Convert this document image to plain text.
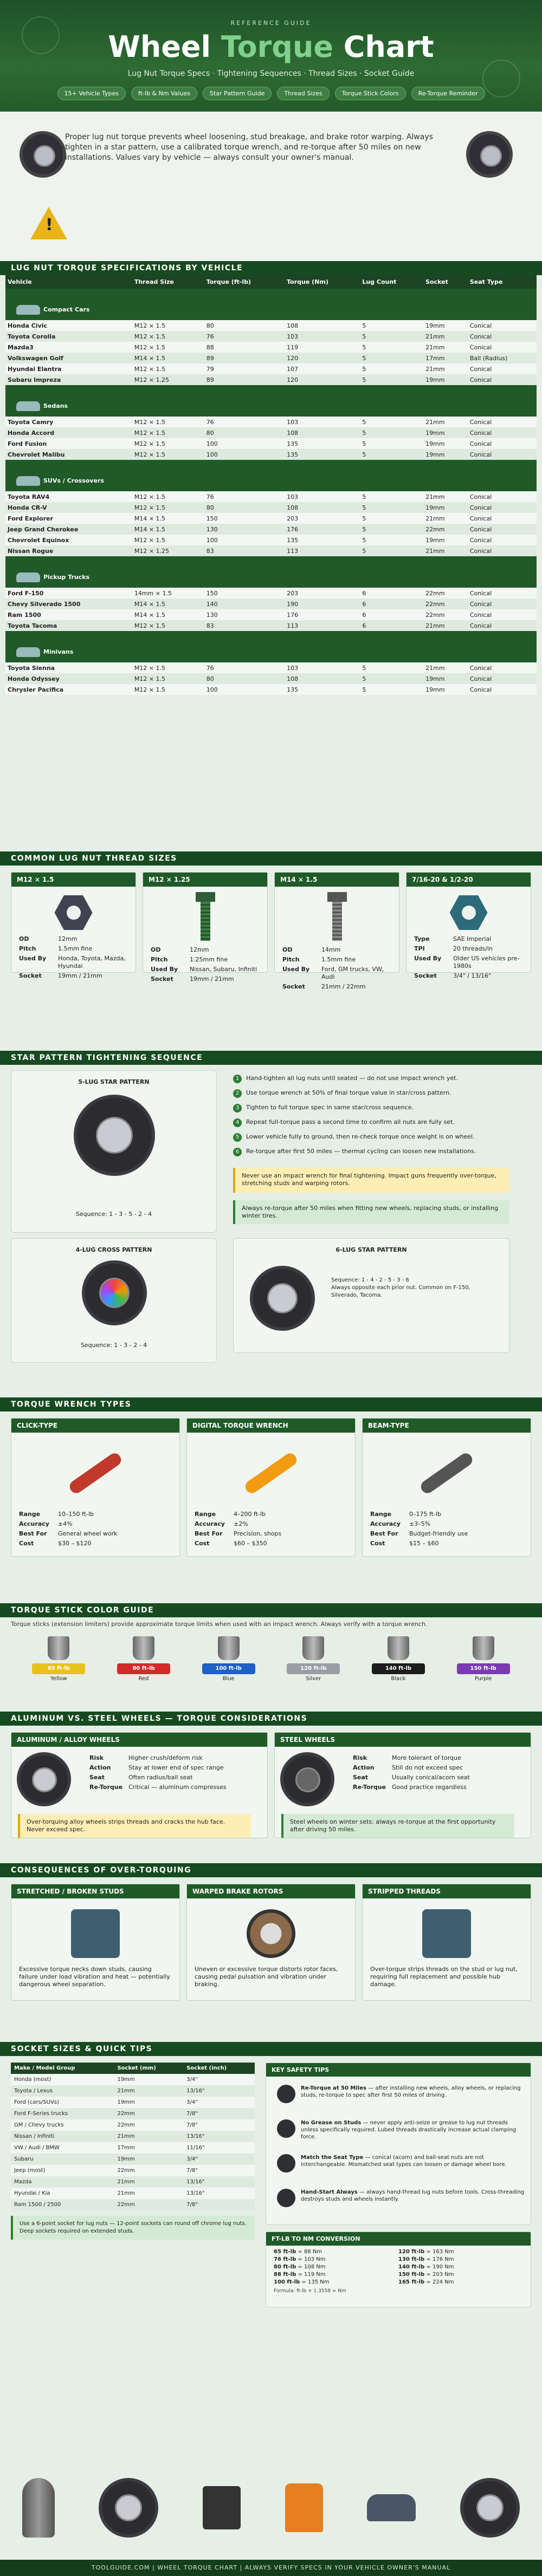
REFERENCE GUIDE
Wheel Torque Chart
Lug Nut Torque Specs · Tightening Sequences · Thread Sizes · Socket Guide
15+ Vehicle Types	ft-lb & Nm Values	Star Pattern Guide	Thread Sizes	Torque Stick Colors	Re-Torque Reminder
Proper lug nut torque prevents wheel loosening, stud breakage, and brake rotor warping. Always tighten in a star pattern, use a calibrated torque wrench, and re-torque after 50 miles on new installations. Values vary by vehicle — always consult your owner's manual.
!
LUG NUT TORQUE SPECIFICATIONS BY VEHICLE
Vehicle	Thread Size	Torque (ft-lb)	Torque (Nm)	Lug Count	Socket	Seat Type
Compact Cars						
Honda Civic	M12 × 1.5	80	108	5	19mm	Conical
Toyota Corolla	M12 × 1.5	76	103	5	21mm	Conical
Mazda3	M12 × 1.5	88	119	5	21mm	Conical
Volkswagen Golf	M14 × 1.5	89	120	5	17mm	Ball (Radius)
Hyundai Elantra	M12 × 1.5	79	107	5	21mm	Conical
Subaru Impreza	M12 × 1.25	89	120	5	19mm	Conical
Sedans						
Toyota Camry	M12 × 1.5	76	103	5	21mm	Conical
Honda Accord	M12 × 1.5	80	108	5	19mm	Conical
Ford Fusion	M12 × 1.5	100	135	5	19mm	Conical
Chevrolet Malibu	M12 × 1.5	100	135	5	19mm	Conical
SUVs / Crossovers						
Toyota RAV4	M12 × 1.5	76	103	5	21mm	Conical
Honda CR-V	M12 × 1.5	80	108	5	19mm	Conical
Ford Explorer	M14 × 1.5	150	203	5	21mm	Conical
Jeep Grand Cherokee	M14 × 1.5	130	176	5	22mm	Conical
Chevrolet Equinox	M12 × 1.5	100	135	5	19mm	Conical
Nissan Rogue	M12 × 1.25	83	113	5	21mm	Conical
Pickup Trucks						
Ford F-150	14mm × 1.5	150	203	6	22mm	Conical
Chevy Silverado 1500	M14 × 1.5	140	190	6	22mm	Conical
Ram 1500	M14 × 1.5	130	176	6	22mm	Conical
Toyota Tacoma	M12 × 1.5	83	113	6	21mm	Conical
Minivans						
Toyota Sienna	M12 × 1.5	76	103	5	21mm	Conical
Honda Odyssey	M12 × 1.5	80	108	5	19mm	Conical
Chrysler Pacifica	M12 × 1.5	100	135	5	19mm	Conical
COMMON LUG NUT THREAD SIZES
M12 × 1.5
OD	12mm
Pitch	1.5mm fine
Used By	Honda, Toyota, Mazda, Hyundai
Socket	19mm / 21mm
M12 × 1.25
OD	12mm
Pitch	1.25mm fine
Used By	Nissan, Subaru, Infiniti
Socket	19mm / 21mm
M14 × 1.5
OD	14mm
Pitch	1.5mm fine
Used By	Ford, GM trucks, VW, Audi
Socket	21mm / 22mm
7/16-20 & 1/2-20
Type	SAE Imperial
TPI	20 threads/in
Used By	Older US vehicles pre-1980s
Socket	3/4" / 13/16"
STAR PATTERN TIGHTENING SEQUENCE
5-LUG STAR PATTERN
Sequence: 1 - 3 - 5 - 2 - 4
4-LUG CROSS PATTERN
Sequence: 1 - 3 - 2 - 4
1	Hand-tighten all lug nuts until seated — do not use impact wrench yet.
2	Use torque wrench at 50% of final torque value in star/cross pattern.
3	Tighten to full torque spec in same star/cross sequence.
4	Repeat full-torque pass a second time to confirm all nuts are fully set.
5	Lower vehicle fully to ground, then re-check torque once weight is on wheel.
6	Re-torque after first 50 miles — thermal cycling can loosen new installations.
Never use an impact wrench for final tightening. Impact guns frequently over-torque, stretching studs and warping rotors.
Always re-torque after 50 miles when fitting new wheels, replacing studs, or installing winter tires.
6-LUG STAR PATTERN
Sequence: 1 - 4 - 2 - 5 - 3 - 6
Always opposite each prior nut. Common on F-150, Silverado, Tacoma.
TORQUE WRENCH TYPES
CLICK-TYPE
Range	10–150 ft-lb
Accuracy	±4%
Best For	General wheel work
Cost	$30 – $120
DIGITAL TORQUE WRENCH
Range	4–200 ft-lb
Accuracy	±2%
Best For	Precision, shops
Cost	$60 – $350
BEAM-TYPE
Range	0–175 ft-lb
Accuracy	±3–5%
Best For	Budget-friendly use
Cost	$15 – $60
TORQUE STICK COLOR GUIDE
Torque sticks (extension limiters) provide approximate torque limits when used with an impact wrench. Always verify with a torque wrench.
65 ft-lb
Yellow
80 ft-lb
Red
100 ft-lb
Blue
120 ft-lb
Silver
140 ft-lb
Black
150 ft-lb
Purple
ALUMINUM VS. STEEL WHEELS — TORQUE CONSIDERATIONS
ALUMINUM / ALLOY WHEELS
Risk	Higher crush/deform risk
Action	Stay at lower end of spec range
Seat	Often radius/ball seat
Re-Torque Critical — aluminum compresses
Over-torquing alloy wheels strips threads and cracks the hub face. Never exceed spec.
STEEL WHEELS
Risk	More tolerant of torque
Action	Still do not exceed spec
Seat	Usually conical/acorn seat
Re-Torque Good practice regardless
Steel wheels on winter sets: always re-torque at the first opportunity after driving 50 miles.
CONSEQUENCES OF OVER-TORQUING
STRETCHED / BROKEN STUDS
Excessive torque necks down studs, causing failure under load vibration and heat — potentially dangerous wheel separation.
WARPED BRAKE ROTORS
Uneven or excessive torque distorts rotor faces, causing pedal pulsation and vibration under braking.
STRIPPED THREADS
Over-torque strips threads on the stud or lug nut, requiring full replacement and possible hub damage.
SOCKET SIZES & QUICK TIPS
Make / Model Group	Socket (mm)	Socket (inch)
Honda (most)	19mm	3/4"
Toyota / Lexus	21mm	13/16"
Ford (cars/SUVs)	19mm	3/4"
Ford F-Series trucks	22mm	7/8"
GM / Chevy trucks	22mm	7/8"
Nissan / Infiniti	21mm	13/16"
VW / Audi / BMW	17mm	11/16"
Subaru	19mm	3/4"
Jeep (most)	22mm	7/8"
Mazda	21mm	13/16"
Hyundai / Kia	21mm	13/16"
Ram 1500 / 2500	22mm	7/8"
Use a 6-point socket for lug nuts — 12-point sockets can round off chrome lug nuts. Deep sockets required on extended studs.
KEY SAFETY TIPS
Re-Torque at 50 Miles — after installing new wheels, alloy wheels, or replacing studs, re-torque to spec after first 50 miles of driving.
No Grease on Studs — never apply anti-seize or grease to lug nut threads unless specifically required. Lubed threads drastically increase actual clamping force.
Match the Seat Type — conical (acorn) and ball-seat nuts are not interchangeable. Mismatched seat types can loosen or damage wheel bore.
Hand-Start Always — always hand-thread lug nuts before tools. Cross-threading destroys studs and wheels instantly.
FT-LB TO NM CONVERSION
65 ft-lb = 88 Nm	120 ft-lb = 163 Nm
76 ft-lb = 103 Nm	130 ft-lb = 176 Nm
80 ft-lb = 108 Nm	140 ft-lb = 190 Nm
88 ft-lb = 119 Nm	150 ft-lb = 203 Nm
100 ft-lb = 135 Nm	165 ft-lb = 224 Nm
Formula: ft-lb × 1.3558 = Nm
TOOLGUIDE.COM | WHEEL TORQUE CHART | ALWAYS VERIFY SPECS IN YOUR VEHICLE OWNER'S MANUAL
